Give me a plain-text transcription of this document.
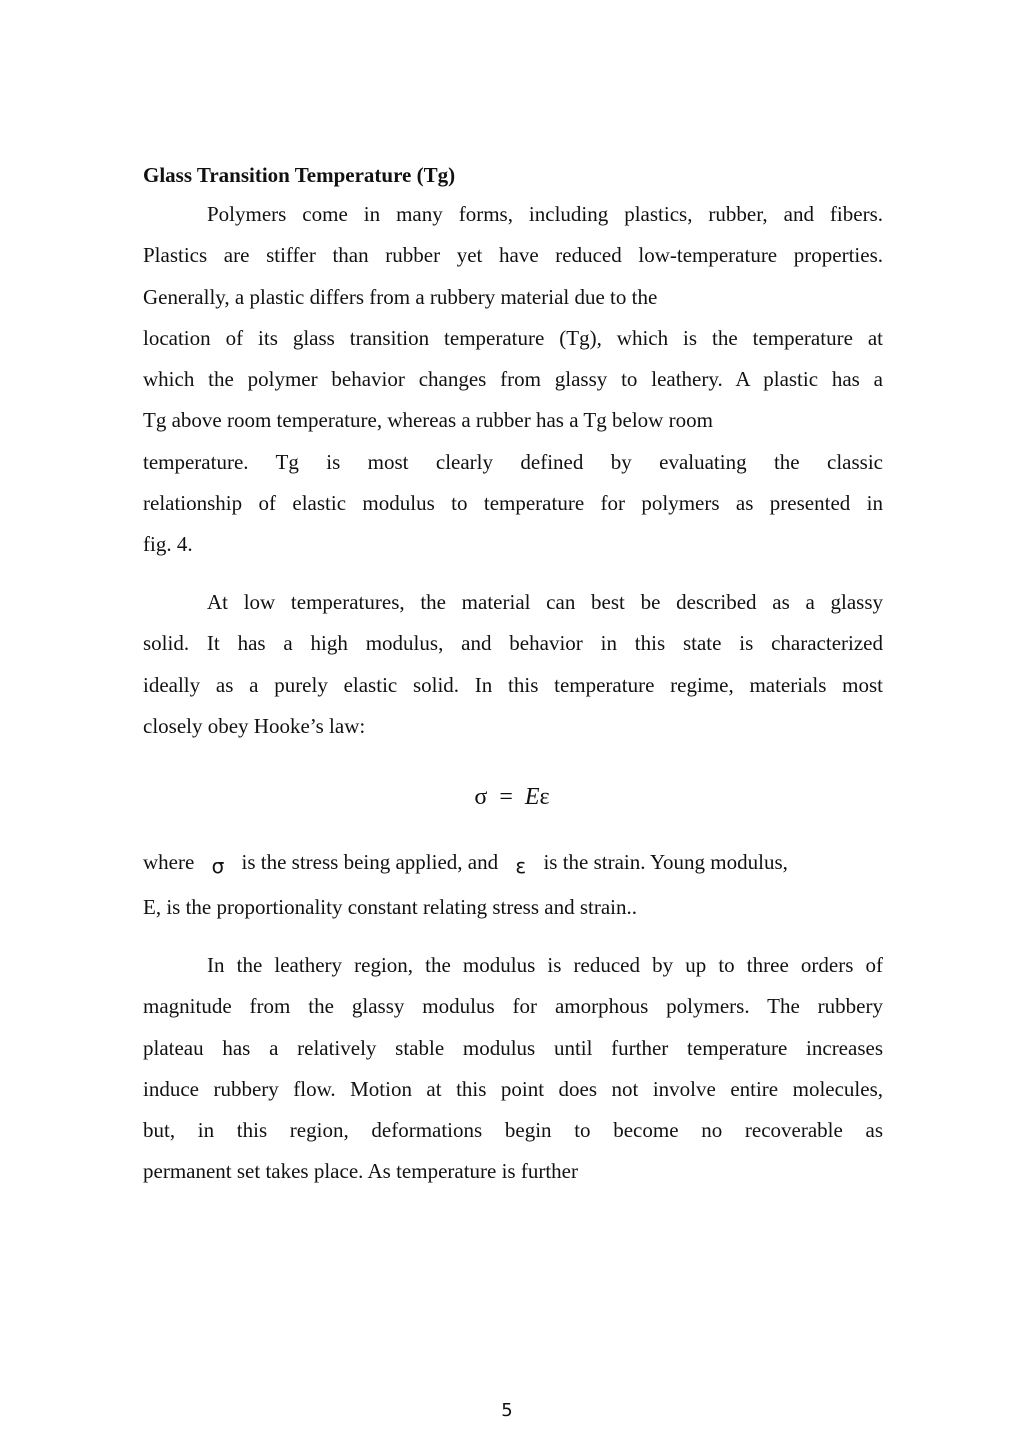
Glass Transition Temperature (Tg)
Polymers come in many forms, including plastics, rubber, and fibers.
Plastics are stiffer than rubber yet have reduced low-temperature properties.
Generally, a plastic differs from a rubbery material due to the
location of its glass transition temperature (Tg), which is the temperature at
which the polymer behavior changes from glassy to leathery. A plastic has a
Tg above room temperature, whereas a rubber has a Tg below room
temperature. Tg is most clearly defined by evaluating the classic
relationship of elastic modulus to temperature for polymers as presented in
fig. 4.
At low temperatures, the material can best be described as a glassy
solid. It has a high modulus, and behavior in this state is characterized
ideally as a purely elastic solid. In this temperature regime, materials most
closely obey Hooke’s law:

σ = Eε

where σ is the stress being applied, and ε is the strain. Young modulus,
E, is the proportionality constant relating stress and strain..
In the leathery region, the modulus is reduced by up to three orders of
magnitude from the glassy modulus for amorphous polymers. The rubbery
plateau has a relatively stable modulus until further temperature increases
induce rubbery flow. Motion at this point does not involve entire molecules,
but, in this region, deformations begin to become no recoverable as
permanent set takes place. As temperature is further

5
